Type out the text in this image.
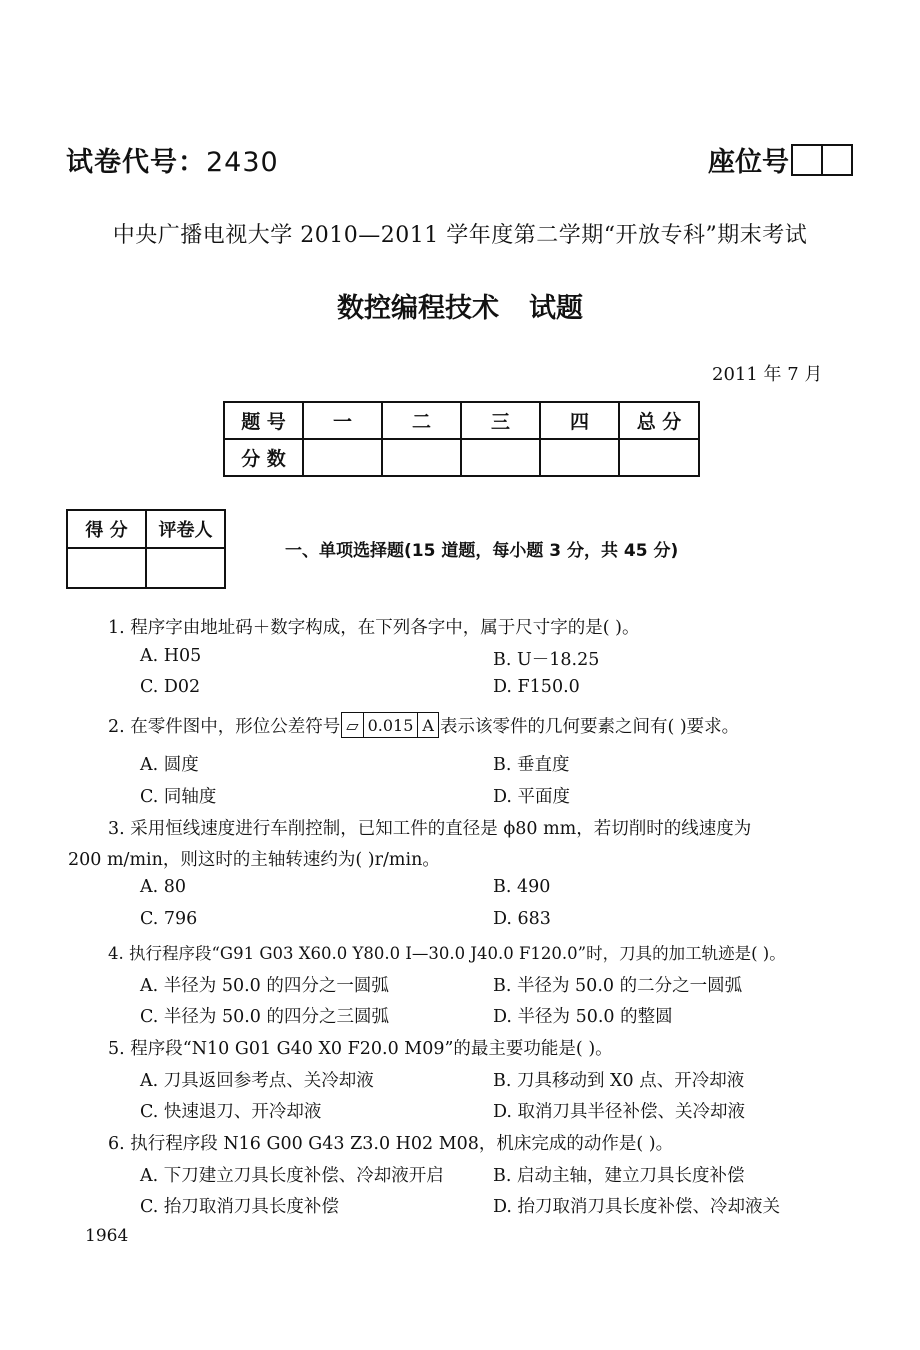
试卷代号：2430	座位号
中央广播电视大学 2010—2011 学年度第二学期“开放专科”期末考试
数控编程技术 试题
2011 年 7 月
题 号	一	二	三	四	总 分
分 数					
得 分	评卷人

一、单项选择题(15 道题，每小题 3 分，共 45 分)
1. 程序字由地址码＋数字构成，在下列各字中，属于尺寸字的是( )。
A. H05	B. U－18.25
C. D02	D. F150.0
2. 在零件图中，形位公差符号 ▱ 0.015 A 表示该零件的几何要素之间有( )要求。
A. 圆度	B. 垂直度
C. 同轴度	D. 平面度
3. 采用恒线速度进行车削控制，已知工件的直径是 ϕ80 mm，若切削时的线速度为
200 m/min，则这时的主轴转速约为( )r/min。
A. 80	B. 490
C. 796	D. 683
4. 执行程序段“G91 G03 X60.0 Y80.0 I—30.0 J40.0 F120.0”时，刀具的加工轨迹是( )。
A. 半径为 50.0 的四分之一圆弧	B. 半径为 50.0 的二分之一圆弧
C. 半径为 50.0 的四分之三圆弧	D. 半径为 50.0 的整圆
5. 程序段“N10 G01 G40 X0 F20.0 M09”的最主要功能是( )。
A. 刀具返回参考点、关冷却液	B. 刀具移动到 X0 点、开冷却液
C. 快速退刀、开冷却液	D. 取消刀具半径补偿、关冷却液
6. 执行程序段 N16 G00 G43 Z3.0 H02 M08，机床完成的动作是( )。
A. 下刀建立刀具长度补偿、冷却液开启	B. 启动主轴，建立刀具长度补偿
C. 抬刀取消刀具长度补偿	D. 抬刀取消刀具长度补偿、冷却液关
1964
